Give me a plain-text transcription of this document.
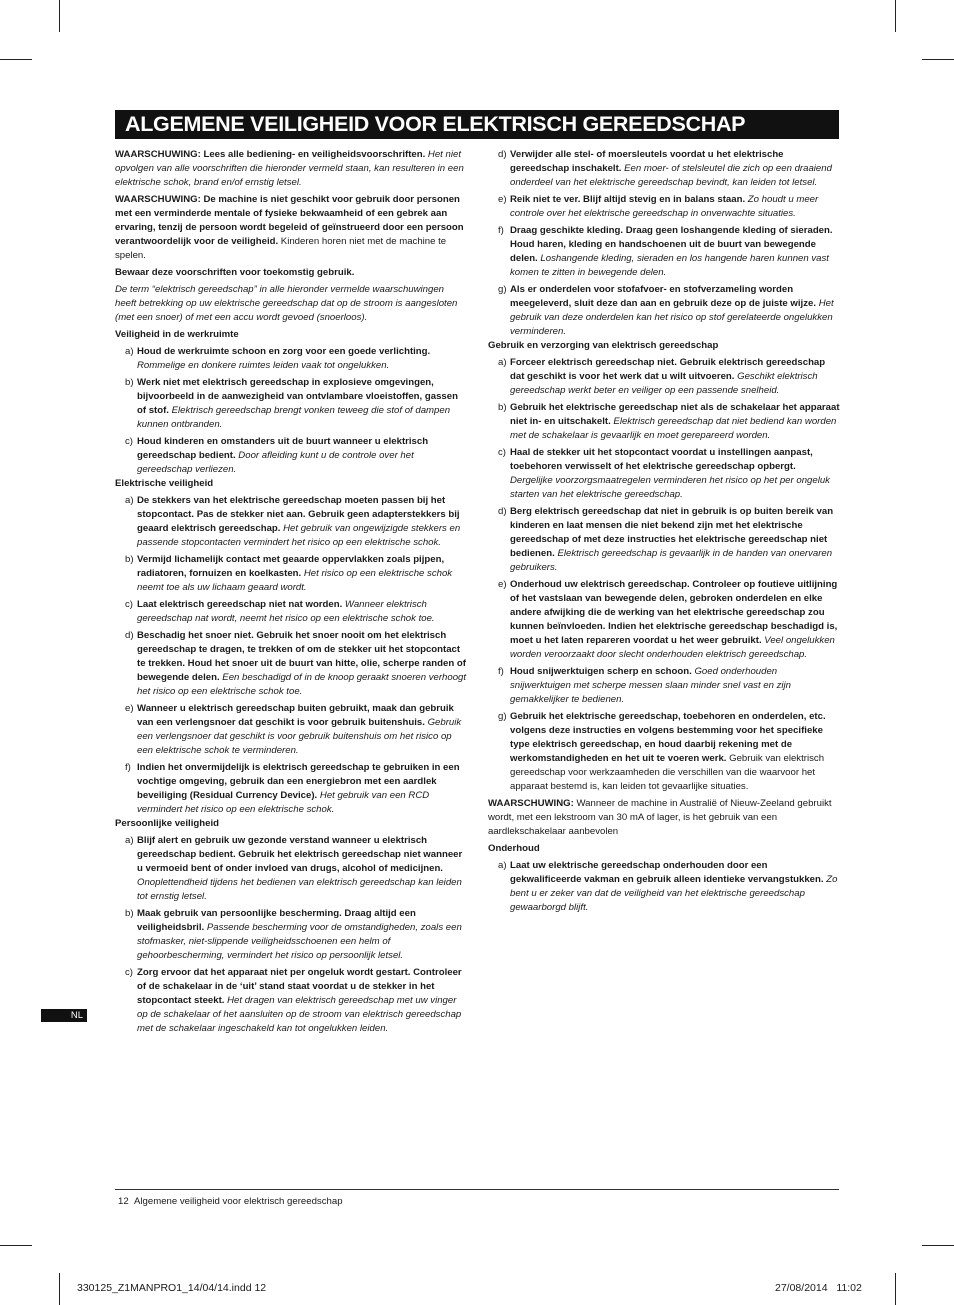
ALGEMENE VEILIGHEID VOOR ELEKTRISCH GEREEDSCHAP

WAARSCHUWING: Lees alle bediening- en veiligheidsvoorschriften. Het niet opvolgen van alle voorschriften die hieronder vermeld staan, kan resulteren in een elektrische schok, brand en/of ernstig letsel.

WAARSCHUWING: De machine is niet geschikt voor gebruik door personen met een verminderde mentale of fysieke bekwaamheid of een gebrek aan ervaring, tenzij de persoon wordt begeleid of geïnstrueerd door een persoon verantwoordelijk voor de veiligheid. Kinderen horen niet met de machine te spelen.

Bewaar deze voorschriften voor toekomstig gebruik.

De term “elektrisch gereedschap” in alle hieronder vermelde waarschuwingen heeft betrekking op uw elektrische gereedschap dat op de stroom is aangesloten (met een snoer) of met een accu wordt gevoed (snoerloos).

Veiligheid in de werkruimte

a) Houd de werkruimte schoon en zorg voor een goede verlichting. Rommelige en donkere ruimtes leiden vaak tot ongelukken.
b) Werk niet met elektrisch gereedschap in explosieve omgevingen, bijvoorbeeld in de aanwezigheid van ontvlambare vloeistoffen, gassen of stof. Elektrisch gereedschap brengt vonken teweeg die stof of dampen kunnen ontbranden.
c) Houd kinderen en omstanders uit de buurt wanneer u elektrisch gereedschap bedient. Door afleiding kunt u de controle over het gereedschap verliezen.

Elektrische veiligheid

a) De stekkers van het elektrische gereedschap moeten passen bij het stopcontact. Pas de stekker niet aan. Gebruik geen adapterstekkers bij geaard elektrisch gereedschap. Het gebruik van ongewijzigde stekkers en passende stopcontacten vermindert het risico op een elektrische schok.
b) Vermijd lichamelijk contact met geaarde oppervlakken zoals pijpen, radiatoren, fornuizen en koelkasten. Het risico op een elektrische schok neemt toe als uw lichaam geaard wordt.
c) Laat elektrisch gereedschap niet nat worden. Wanneer elektrisch gereedschap nat wordt, neemt het risico op een elektrische schok toe.
d) Beschadig het snoer niet. Gebruik het snoer nooit om het elektrisch gereedschap te dragen, te trekken of om de stekker uit het stopcontact te trekken. Houd het snoer uit de buurt van hitte, olie, scherpe randen of bewegende delen. Een beschadigd of in de knoop geraakt snoeren verhoogt het risico op een elektrische schok toe.
e) Wanneer u elektrisch gereedschap buiten gebruikt, maak dan gebruik van een verlengsnoer dat geschikt is voor gebruik buitenshuis. Gebruik een verlengsnoer dat geschikt is voor gebruik buitenshuis om het risico op een elektrische schok te verminderen.
f) Indien het onvermijdelijk is elektrisch gereedschap te gebruiken in een vochtige omgeving, gebruik dan een energiebron met een aardlek beveiliging (Residual Currency Device). Het gebruik van een RCD vermindert het risico op een elektrische schok.

Persoonlijke veiligheid

a) Blijf alert en gebruik uw gezonde verstand wanneer u elektrisch gereedschap bedient. Gebruik het elektrisch gereedschap niet wanneer u vermoeid bent of onder invloed van drugs, alcohol of medicijnen. Onoplettendheid tijdens het bedienen van elektrisch gereedschap kan leiden tot ernstig letsel.
b) Maak gebruik van persoonlijke bescherming. Draag altijd een veiligheidsbril. Passende bescherming voor de omstandigheden, zoals een stofmasker, niet-slippende veiligheidsschoenen een helm of gehoorbescherming, vermindert het risico op persoonlijk letsel.
c) Zorg ervoor dat het apparaat niet per ongeluk wordt gestart. Controleer of de schakelaar in de ‘uit’ stand staat voordat u de stekker in het stopcontact steekt. Het dragen van elektrisch gereedschap met uw vinger op de schakelaar of het aansluiten op de stroom van elektrisch gereedschap met de schakelaar ingeschakeld kan tot ongelukken leiden.
d) Verwijder alle stel- of moersleutels voordat u het elektrische gereedschap inschakelt. Een moer- of stelsleutel die zich op een draaiend onderdeel van het elektrische gereedschap bevindt, kan leiden tot letsel.
e) Reik niet te ver. Blijf altijd stevig en in balans staan. Zo houdt u meer controle over het elektrische gereedschap in onverwachte situaties.
f) Draag geschikte kleding. Draag geen loshangende kleding of sieraden. Houd haren, kleding en handschoenen uit de buurt van bewegende delen. Loshangende kleding, sieraden en los hangende haren kunnen vast komen te zitten in bewegende delen.
g) Als er onderdelen voor stofafvoer- en stofverzameling worden meegeleverd, sluit deze dan aan en gebruik deze op de juiste wijze. Het gebruik van deze onderdelen kan het risico op stof gerelateerde ongelukken verminderen.

Gebruik en verzorging van elektrisch gereedschap

a) Forceer elektrisch gereedschap niet. Gebruik elektrisch gereedschap dat geschikt is voor het werk dat u wilt uitvoeren. Geschikt elektrisch gereedschap werkt beter en veiliger op een passende snelheid.
b) Gebruik het elektrische gereedschap niet als de schakelaar het apparaat niet in- en uitschakelt. Elektrisch gereedschap dat niet bediend kan worden met de schakelaar is gevaarlijk en moet gerepareerd worden.
c) Haal de stekker uit het stopcontact voordat u instellingen aanpast, toebehoren verwisselt of het elektrische gereedschap opbergt. Dergelijke voorzorgsmaatregelen verminderen het risico op het per ongeluk starten van het elektrische gereedschap.
d) Berg elektrisch gereedschap dat niet in gebruik is op buiten bereik van kinderen en laat mensen die niet bekend zijn met het elektrische gereedschap of met deze instructies het elektrische gereedschap niet bedienen. Elektrisch gereedschap is gevaarlijk in de handen van onervaren gebruikers.
e) Onderhoud uw elektrisch gereedschap. Controleer op foutieve uitlijning of het vastslaan van bewegende delen, gebroken onderdelen en elke andere afwijking die de werking van het elektrische gereedschap zou kunnen beïnvloeden. Indien het elektrische gereedschap beschadigd is, moet u het laten repareren voordat u het weer gebruikt. Veel ongelukken worden veroorzaakt door slecht onderhouden elektrisch gereedschap.
f) Houd snijwerktuigen scherp en schoon. Goed onderhouden snijwerktuigen met scherpe messen slaan minder snel vast en zijn gemakkelijker te bedienen.
g) Gebruik het elektrische gereedschap, toebehoren en onderdelen, etc. volgens deze instructies en volgens bestemming voor het specifieke type elektrisch gereedschap, en houd daarbij rekening met de werkomstandigheden en het uit te voeren werk. Gebruik van elektrisch gereedschap voor werkzaamheden die verschillen van die waarvoor het apparaat bestemd is, kan leiden tot gevaarlijke situaties.

WAARSCHUWING: Wanneer de machine in Australië of Nieuw-Zeeland gebruikt wordt, met een lekstroom van 30 mA of lager, is het gebruik van een aardlekschakelaar aanbevolen

Onderhoud

a) Laat uw elektrische gereedschap onderhouden door een gekwalificeerde vakman en gebruik alleen identieke vervangstukken. Zo bent u er zeker van dat de veiligheid van het elektrische gereedschap gewaarborgd blijft.
NL
12 Algemene veiligheid voor elektrisch gereedschap
330125_Z1MANPRO1_14/04/14.indd 12	27/08/2014 11:02
